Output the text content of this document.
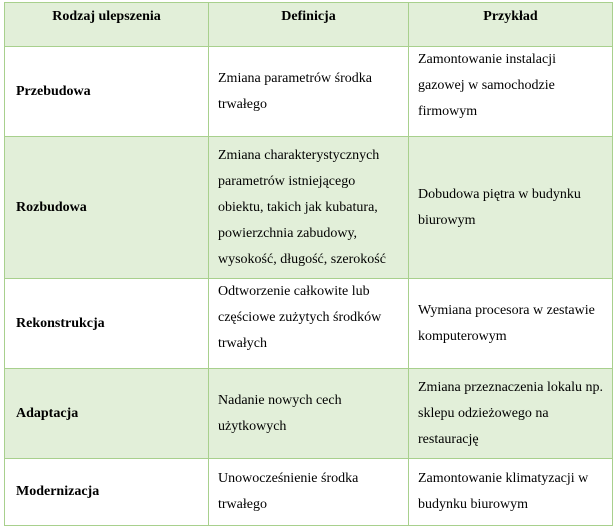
Rodzaj ulepszenia	Definicja	Przykład
Przebudowa	Zmiana parametrów środka trwałego	Zamontowanie instalacji gazowej w samochodzie firmowym
Rozbudowa	Zmiana charakterystycznych parametrów istniejącego obiektu, takich jak kubatura, powierzchnia zabudowy, wysokość, długość, szerokość	Dobudowa piętra w budynku biurowym
Rekonstrukcja	Odtworzenie całkowite lub częściowe zużytych środków trwałych	Wymiana procesora w zestawie komputerowym
Adaptacja	Nadanie nowych cech użytkowych	Zmiana przeznaczenia lokalu np. sklepu odzieżowego na restaurację
Modernizacja	Unowocześnienie środka trwałego	Zamontowanie klimatyzacji w budynku biurowym
